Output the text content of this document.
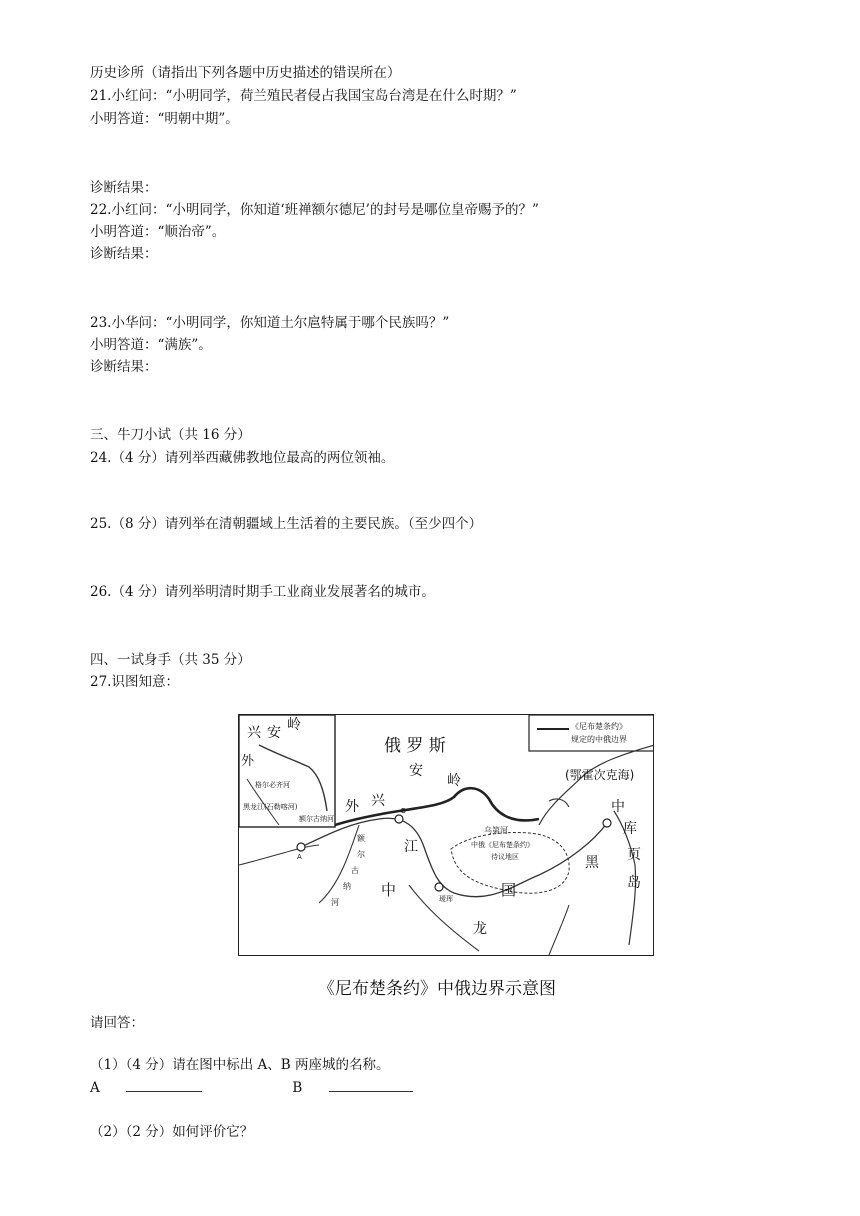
历史诊所（请指出下列各题中历史描述的错误所在）
21.小红问：“小明同学，荷兰殖民者侵占我国宝岛台湾是在什么时期？”
小明答道：“明朝中期”。
诊断结果：
22.小红问：“小明同学，你知道‘班禅额尔德尼’的封号是哪位皇帝赐予的？”
小明答道：“顺治帝”。
诊断结果：
23.小华问：“小明同学，你知道土尔扈特属于哪个民族吗？”
小明答道：“满族”。
诊断结果：
三、牛刀小试（共 16 分）
24.（4 分）请列举西藏佛教地位最高的两位领袖。
25.（8 分）请列举在清朝疆域上生活着的主要民族。（至少四个）
26.（4 分）请列举明清时期手工业商业发展著名的城市。
四、一试身手（共 35 分）
27.识图知意：
《尼布楚条约》
规定的中俄边界
俄 罗 斯
(鄂霍次克海)
安
岭
外 兴
B
A
乌第河
中俄《尼布楚条约》
待议地区
江
中	国
龙
黑
中
库
页
岛
瑷珲
额
尔
古
纳
河
兴 安 岭
外
格尔必齐河
黑龙江(石勒喀河)
额尔古纳河
《尼布楚条约》中俄边界示意图
请回答：
（1）（4 分）请在图中标出 A、B 两座城的名称。
A	B
（2）（2 分）如何评价它？
